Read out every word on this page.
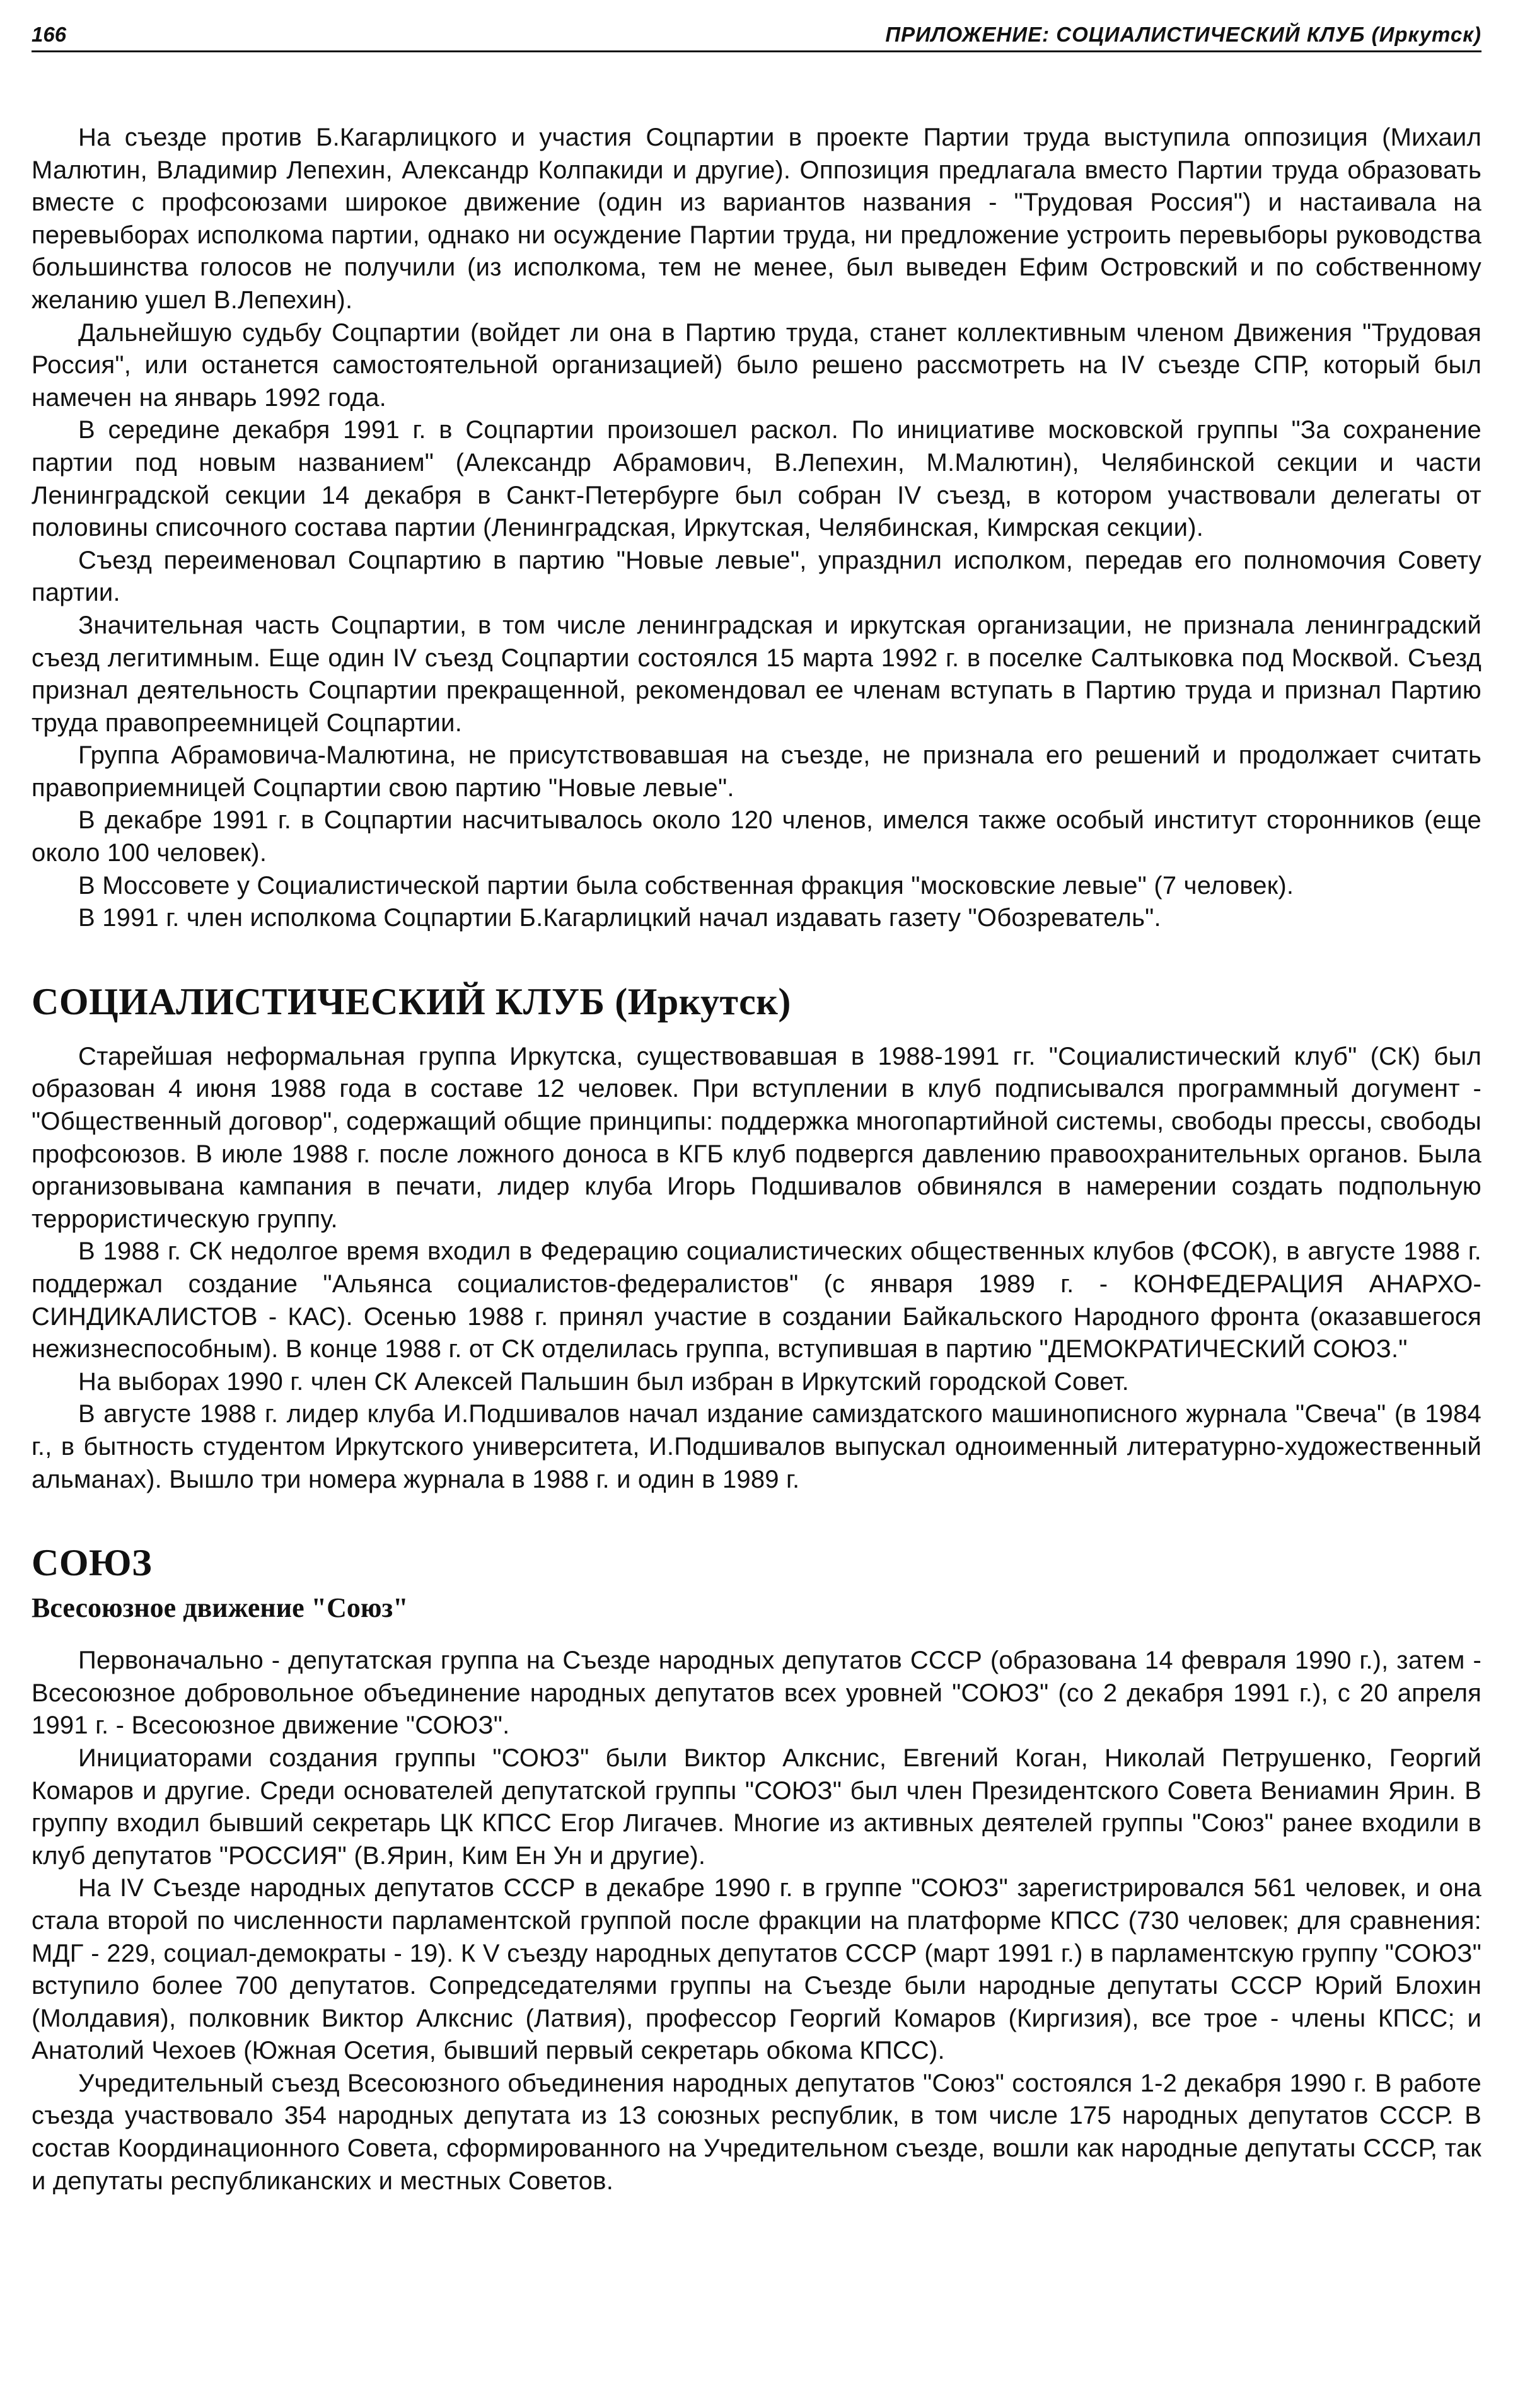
166	ПРИЛОЖЕНИЕ: СОЦИАЛИСТИЧЕСКИЙ КЛУБ (Иркутск)

На съезде против Б.Кагарлицкого и участия Соцпартии в проекте Партии труда выступила оппозиция (Михаил Малютин, Владимир Лепехин, Александр Колпакиди и другие). Оппозиция предлагала вместо Партии труда образовать вместе с профсоюзами широкое движение (один из вариантов названия - "Трудовая Россия") и настаивала на перевыборах исполкома партии, однако ни осуждение Партии труда, ни предложение устроить перевыборы руководства большинства голосов не получили (из исполкома, тем не менее, был выведен Ефим Островский и по собственному желанию ушел В.Лепехин).

Дальнейшую судьбу Соцпартии (войдет ли она в Партию труда, станет коллективным членом Движения "Трудовая Россия", или останется самостоятельной организацией) было решено рассмотреть на IV съезде СПР, который был намечен на январь 1992 года.

В середине декабря 1991 г. в Соцпартии произошел раскол. По инициативе московской группы "За сохранение партии под новым названием" (Александр Абрамович, В.Лепехин, М.Малютин), Челябинской секции и части Ленинградской секции 14 декабря в Санкт-Петербурге был собран IV съезд, в котором участвовали делегаты от половины списочного состава партии (Ленинградская, Иркутская, Челябинская, Кимрская секции).

Съезд переименовал Соцпартию в партию "Новые левые", упразднил исполком, передав его полномочия Совету партии.

Значительная часть Соцпартии, в том числе ленинградская и иркутская организации, не признала ленинградский съезд легитимным. Еще один IV съезд Соцпартии состоялся 15 марта 1992 г. в поселке Салтыковка под Москвой. Съезд признал деятельность Соцпартии прекращенной, рекомендовал ее членам вступать в Партию труда и признал Партию труда правопреемницей Соцпартии.

Группа Абрамовича-Малютина, не присутствовавшая на съезде, не признала его решений и продолжает считать правоприемницей Соцпартии свою партию "Новые левые".

В декабре 1991 г. в Соцпартии насчитывалось около 120 членов, имелся также особый институт сторонников (еще около 100 человек).

В Моссовете у Социалистической партии была собственная фракция "московские левые" (7 человек).

В 1991 г. член исполкома Соцпартии Б.Кагарлицкий начал издавать газету "Обозреватель".

СОЦИАЛИСТИЧЕСКИЙ КЛУБ (Иркутск)

Старейшая неформальная группа Иркутска, существовавшая в 1988-1991 гг. "Социалистический клуб" (СК) был образован 4 июня 1988 года в составе 12 человек. При вступлении в клуб подписывался программный догумент - "Общественный договор", содержащий общие принципы: поддержка многопартийной системы, свободы прессы, свободы профсоюзов. В июле 1988 г. после ложного доноса в КГБ клуб подвергся давлению правоохранительных органов. Была организовывана кампания в печати, лидер клуба Игорь Подшивалов обвинялся в намерении создать подпольную террористическую группу.

В 1988 г. СК недолгое время входил в Федерацию социалистических общественных клубов (ФСОК), в августе 1988 г. поддержал создание "Альянса социалистов-федералистов" (с января 1989 г. - КОНФЕДЕРАЦИЯ АНАРХО-СИНДИКАЛИСТОВ - КАС). Осенью 1988 г. принял участие в создании Байкальского Народного фронта (оказавшегося нежизнеспособным). В конце 1988 г. от СК отделилась группа, вступившая в партию "ДЕМОКРАТИЧЕСКИЙ СОЮЗ."

На выборах 1990 г. член СК Алексей Пальшин был избран в Иркутский городской Совет.

В августе 1988 г. лидер клуба И.Подшивалов начал издание самиздатского машинописного журнала "Свеча" (в 1984 г., в бытность студентом Иркутского университета, И.Подшивалов выпускал одноименный литературно-художественный альманах). Вышло три номера журнала в 1988 г. и один в 1989 г.

СОЮЗ
Всесоюзное движение "Союз"

Первоначально - депутатская группа на Съезде народных депутатов СССР (образована 14 февраля 1990 г.), затем - Всесоюзное добровольное объединение народных депутатов всех уровней "СОЮЗ" (со 2 декабря 1991 г.), с 20 апреля 1991 г. - Всесоюзное движение "СОЮЗ".

Инициаторами создания группы "СОЮЗ" были Виктор Алкснис, Евгений Коган, Николай Петрушенко, Георгий Комаров и другие. Среди основателей депутатской группы "СОЮЗ" был член Президентского Совета Вениамин Ярин. В группу входил бывший секретарь ЦК КПСС Егор Лигачев. Многие из активных деятелей группы "Союз" ранее входили в клуб депутатов "РОССИЯ" (В.Ярин, Ким Ен Ун и другие).

На IV Съезде народных депутатов СССР в декабре 1990 г. в группе "СОЮЗ" зарегистрировался 561 человек, и она стала второй по численности парламентской группой после фракции на платформе КПСС (730 человек; для сравнения: МДГ - 229, социал-демократы - 19). К V съезду народных депутатов СССР (март 1991 г.) в парламентскую группу "СОЮЗ" вступило более 700 депутатов. Сопредседателями группы на Съезде были народные депутаты СССР Юрий Блохин (Молдавия), полковник Виктор Алкснис (Латвия), профессор Георгий Комаров (Киргизия), все трое - члены КПСС; и Анатолий Чехоев (Южная Осетия, бывший первый секретарь обкома КПСС).

Учредительный съезд Всесоюзного объединения народных депутатов "Союз" состоялся 1-2 декабря 1990 г. В работе съезда участвовало 354 народных депутата из 13 союзных республик, в том числе 175 народных депутатов СССР. В состав Координационного Совета, сформированного на Учредительном съезде, вошли как народные депутаты СССР, так и депутаты республиканских и местных Советов.
